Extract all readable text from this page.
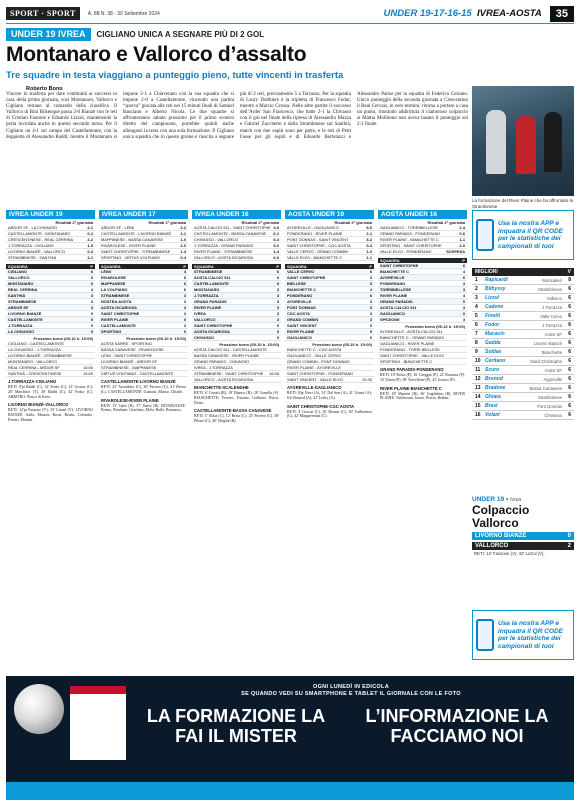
SPORT · SPORT	A. 88 N. 38 · 30 Settembre 2024	UNDER 19-17-16-15 IVREA-AOSTA	35
UNDER 19 IVREA	CIGLIANO UNICA A SEGNARE PIÙ DI 2 GOL
Montanaro e Vallorco d’assalto
Tre squadre in testa viaggiano a punteggio pieno, tutte vincenti in trasferta
Roberto Bono
Vincere in trasferta per dare continuità ai successi in casa della prima giornata, così Montanaro, Vallorco e Cigliano restano al comando della classifica. Il Vallorco di Bini Bilsenque passa 2-0 Bianzè con le reti di Cristian Fassone e Edoardo Lizzul, mantenendo la porta inviolata anche in questo secondo turno. Per il Cigliano un 4-1 sul campo del Castellamonte, con la doppietta di Alessandro Raddi; mentre il Montanaro si impone 2-1 a Chiaverano con la sua squadra che si impone 2-0 a Castellamonte, vincendo una partita “sporca” giocata alle reti nei 15 minuti finali di Samuel Basciano e Alberto Nicola. Le due squadre si affronteranno sabato prossimo per il primo scontro diretto del campionato, potrebbe quindi anche allungarsi la testa con una sola formazione. Il Cigliano unica squadra che in questo girone è riuscita a segnare più di 2 reti, precisamente 5 a Torrazza. Per la squadra di Laury Dobbiere è la tripletta di Francesco Fodor, mentre a Marcio Grossa. Nelle altre partite il successo dell’Arder San Francesco, che batte 2-1 la Chivasso con il gol nel finale della ripresa di Alessandro Mazza e Gabriel Zucchetto e della Strambinese sul Santhià, match con due ospiti sono per parte, e le reti di Petit Fasse per gli ospiti e di Edoardo Bertolazzi e Alessandro Parise per la squadra di Federico Ceriano. Unico punteggio della seconda giornata a Crescentino il Real Cervais, in zero termini, ritorna a portare a casa un punto, ritorando addirittura il clamoroso colpaccio si Mattia Molliteno non aveva basato il punteggio sul 2-2 finale.
La formazione del River Plaine che ha affrontato la Strambinese
IVREA UNDER 19
Risultati 2ª giornata
ARDOR SF - LA CHIVASSO	2-1
CASTELLAMONTE - MONTANARO	0-2
CRESCENTINESE - REAL CERRINA	2-2
J.TORRAZZA - CIGLIANO	1-5
LIVORNO BIANZÈ - VALLORCO	0-2
STRAMBINESE - SANTHIÀ	2-1
SQUADRA	P
CIGLIANO	6
VALLORCO	6
MONTANARO	6
REAL CERRINA	4
SANTHIÀ	3
STRAMBINESE	3
ARDOR SF	3
LIVORNO BIANZÈ	0
CASTELLAMONTE	0
J.TORRAZZA	0
LA CHIVASSO	0
Prossimo turno (05-10 h. 15:00)
CIGLIANO - CASTELLAMONTE
LA CHIVASSO - J.TORRAZZA
LIVORNO BIANZÈ - STRAMBINESE
MONTANARO - VALLORCO
REAL CERRINA - ARDOR SF	16:00
SANTHIÀ - CRESCENTINESE	16:00
J.TORRAZZA-CIGLIANO
RETI: 8'pt Raddi (C), 12' Fodor (C), 21' Grossa (C); 20' Marchiori (T), 30' Raddi (C), 42' Fodor (C). ARBITRO: Bosco di Ivrea.
LIVORNO BIANZÈ-VALLORCO
RETI: 12'pt Fassone (V); 33' Lizzul (V). LIVORNO BIANZÈ: Gallo, Mancin, Rossi, Bertin, Colombo, Ferrari, Martini.
IVREA UNDER 17
Risultati 2ª giornata
ARDOR SF - LÉINI	2-2
CASTELLAMONTE - LIVORNO BIANZÈ 2-1
MAPPANESE - BASSA CANAVESE	1-0
RIVAROLESE - RIVER PLAINE	2-0
SAINT CHRISTOPHE - STRAMBINESE	1-3
SPORTING - VIRTUS VOLPIANO	0-4
SQUADRA	P
LÉINI	4
RIVAROLESE	6
MAPPANESE	6
LA VOLPIANO	6
STRAMBINESE	3
NOSTRA AOSTA	3
AOSTA ISCARIOSA	3
SAINT CHRISTOPHE	3
RIVER PLAINE	0
CASTELLAMONTE	3
SPORTING	0
Prossimo turno (05-10 h. 15:00)
AOSTA SARRE - SPORTING
BASSA CANAVESE - RIVAROLESE
LÉINI - SAINT CHRISTOPHE
LIVORNO BIANZÈ - ARDOR SF
STRAMBINESE - MAPPANESE
VIRTUS VOLPIANO - CASTELLAMONTE
CASTELLAMONTE-LIVORNO BIANZÈ
RETI: 23' Avondetto (C), 30' Ferrero (C); 41' Bertot (L). CASTELLAMONTE: Gianotti, Musso, Chiadò.
RIVAROLESE-RIVER PLAINE
RETI: 15' Gatti (R), 37' Savio (R). RIVAROLESE: Perino, Bonfante, Giachino, Mola, Rolle, Brunasso.
IVREA UNDER 16
Risultati 2ª giornata
AOSTA CALCIO 511 - SAINT CHRISTOPHE 3-0
CASTELLAMONTE - BASSA CANAVESE 6-1
CHIVASSO - VALLORCO	0-3
J.TORRAZZA - GRAND PARADIS	5-0
RIVER PLAINE - STRAMBINESE	1-4
VALLORCO - AOSTA ISCARIOSA	6-0
SQUADRA	P
STRAMBINESE	6
AOSTA CALCIO 511	6
CASTELLAMONTE	6
MONTANARO	3
J.TORRAZZA	3
GRAND PARADIS	3
RIVER PLAINE	3
IVREA	3
VALLORCO	3
SAINT CHRISTOPHE	0
AOSTA ISCARIOSA	0
CHIVASSO	0
Prossimo turno (05-10 h. 15:00)
AOSTA CALCIO 511 - CASTELLAMONTE
BASSA CANAVESE - RIVER PLAINE
GRAND PARADIS - CHIVASSO
IVREA - J.TORRAZZA
STRAMBINESE - SAINT CHRISTOPHE 16:00
VALLORCO - AOSTA ISCARIOSA
BIANCHETTE-SCALENGHE
RETI: 6' Cerutti (B), 18' Bianco (B); 28' Gonella (S). BIANCHETTE: Ferrero, Fassino, Galliano, Ricca, Dotta.
CASTELLAMONTE-BASSA CANAVESE
RETI: 5' Alloa (C), 12' Berta (C), 25' Ferrero (C), 38' Pilone (C); 40' Ghiglia (B).
AOSTA UNDER 19
Risultati 2ª giornata
AYGREVILLE - GAGLIANICO	5-0
PONDERANO - RIVER PLAINE	2-1
PONT DONNAS - SAINT VINCENT	3-2
SAINT CHRISTOPHE - CGC AOSTA	0-4
VALLE CERVO - GRAND COMBIN	1-0
VALLE ELVO - BIANCHETTE C	1-1
SQUADRA	P
VALLE CERVO	6
SAINT CHRISTOPHE	3
BIELLESE	3
BIANCHETTE C	4
PONDERANO	6
AYGREVILLE	3
PONT DONNAS	3
CGC AOSTA	3
GRAND COMBIN	3
SAINT VINCENT	0
RIVER PLAINE	0
GAGLIANICO	0
Prossimo turno (05-10 h. 15:00)
BIANCHETTE C - CGC AOSTA
GAGLIANICO - VALLE CERVO
GRAND COMBIN - PONT DONNAS
RIVER PLAINE - AYGREVILLE
SAINT CHRISTOPHE - PONDERANO
SAINT VINCENT - VALLE ELVO	15:30
AYGREVILLE-GAGLIANICO
RETI: 8'pt Nuvi (A), 14' Dal Sen (A), 41' Giusti (A); 6'st Brunod (A), 22' Lettry (A).
SAINT CHRISTOPHE-CGC AOSTA
RETI: 4' Gorraz (C), 16' Bionaz (C), 30' Vuillermoz (C), 42' Marguerettaz (C).
AOSTA UNDER 16
Risultati 2ª giornata
GAGLIANICO - TORRIBIELLESE	2-3
GRAND PARADIS - PONDERANO	0-6
RIVER PLAINE - BIANCHETTE C	1-1
SPORTING - SAINT CHRISTOPHE	2-0
VALLE ELVO - PONDERANO	SOSPESA
SQUADRA	P
SAINT CHRISTOPHE	6
BIANCHETTE C	4
AYGREVILLE	6
PONDERANO	3
TORRIBIELLESE	3
RIVER PLAINE	4
GRAND PARADIS	0
AOSTA CALCIO 511	3
GAGLIANICO	0
SPEZIONE	3
Prossimo turno (05-10 h. 15:00)
AYGREVILLE - AOSTA CALCIO 511
BIANCHETTE C - GRAND PARADIS
GAGLIANICO - RIVER PLAINE
PONDERANO - TORRI BIELLESE
SAINT CHRISTOPHE - VALLE ELVO
SPORTING - BIANCHETTE C
GRAND PARADIS-PONDERANO
RETI: 10' Bosio (P), 16' Greggio (P), 22' Rosazza (P), 33' Zanin (P); 38' Vercellone (P), 41' Grosso (P).
RIVER PLAINE-BIANCHETTE C
RETI: 18' Mamini (R), 36' Guglielmo (B). RIVER PLAINE: Vuillermin, Jorioz, Perrin, Bethaz.
Usa la nostra APP e
inquadra il QR CODE
per le statistiche dei
campionati di tuoi
MIGLIORI	V
1	Rapicardi	Moncalieri	8
2	Bilbyssy	Strambinese	6
3	Lizzul	Vallorco	6
4	Cadone	J.Torrazza	6
5	Finetti	Valle Cervo	6
6	Fodor	J.Torrazza	6
7	Macacin	Ardor SF	6
8	Gadda	Livorno Bianzè	6
9	Soldas	Bianchette	6
10 Ceritano	Saint Christophe	6
11 Scuro	Ardor SF	6
12 Brunod	Aygreville	6
13 Bradone	Bassa Canavese	6
14 Ghiara	Strambinese	6
15 Bravi	Pont Donnas	6
16 Volani	Chivasso	6
UNDER 19 • Ivrea
Colpaccio Vallorco
LIVORNO BIANZÈ	0
VALLORCO	2
RETI: 12' Fassone (V), 33' Lizzul (V).
Usa la nostra APP e
inquadra il QR CODE
per le statistiche dei
campionati di tuoi
OGNI LUNEDÌ IN EDICOLA
SE QUANDO VEDI SU SMARTPHONE E TABLET IL GIORNALE CON LE FOTO
LA FORMAZIONE LA FAI IL MISTER
L’INFORMAZIONE LA FACCIAMO NOI
